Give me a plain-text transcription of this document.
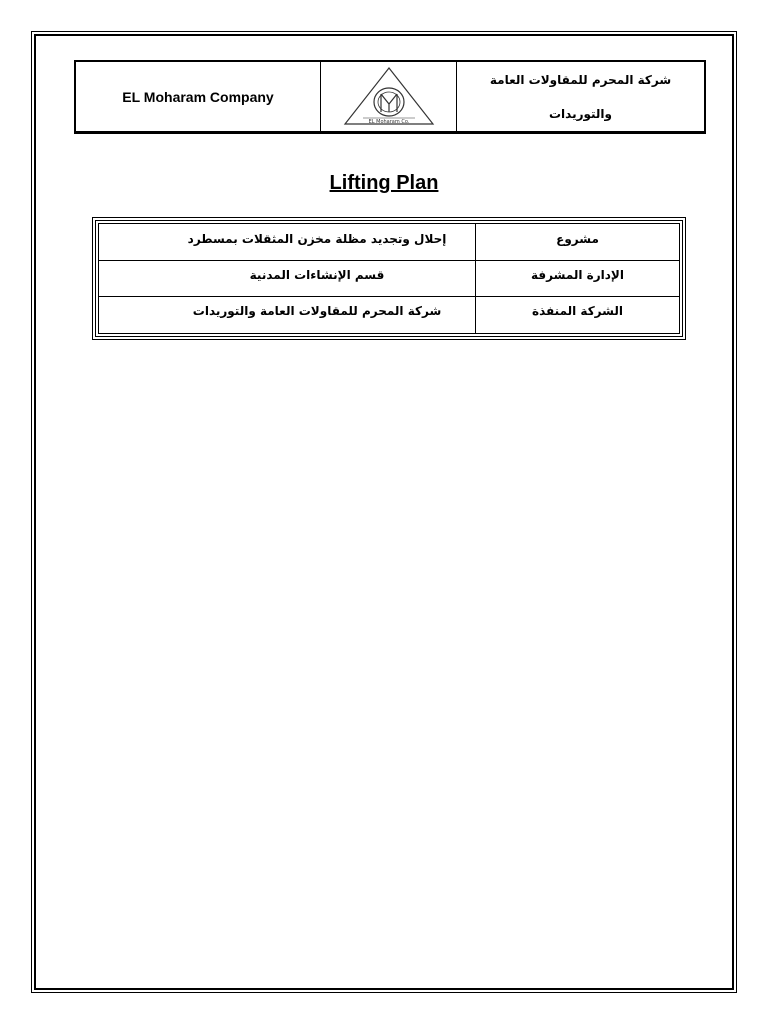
EL Moharam Company
EL Moharam Co.
شركة المحرم للمقاولات العامة
والتوريدات
Lifting Plan
مشروع
إحلال وتجديد مظلة مخزن المثقلات بمسطرد
الإدارة المشرفة
قسم الإنشاءات المدنية
الشركة المنفذة
شركة المحرم للمقاولات العامة والتوريدات
